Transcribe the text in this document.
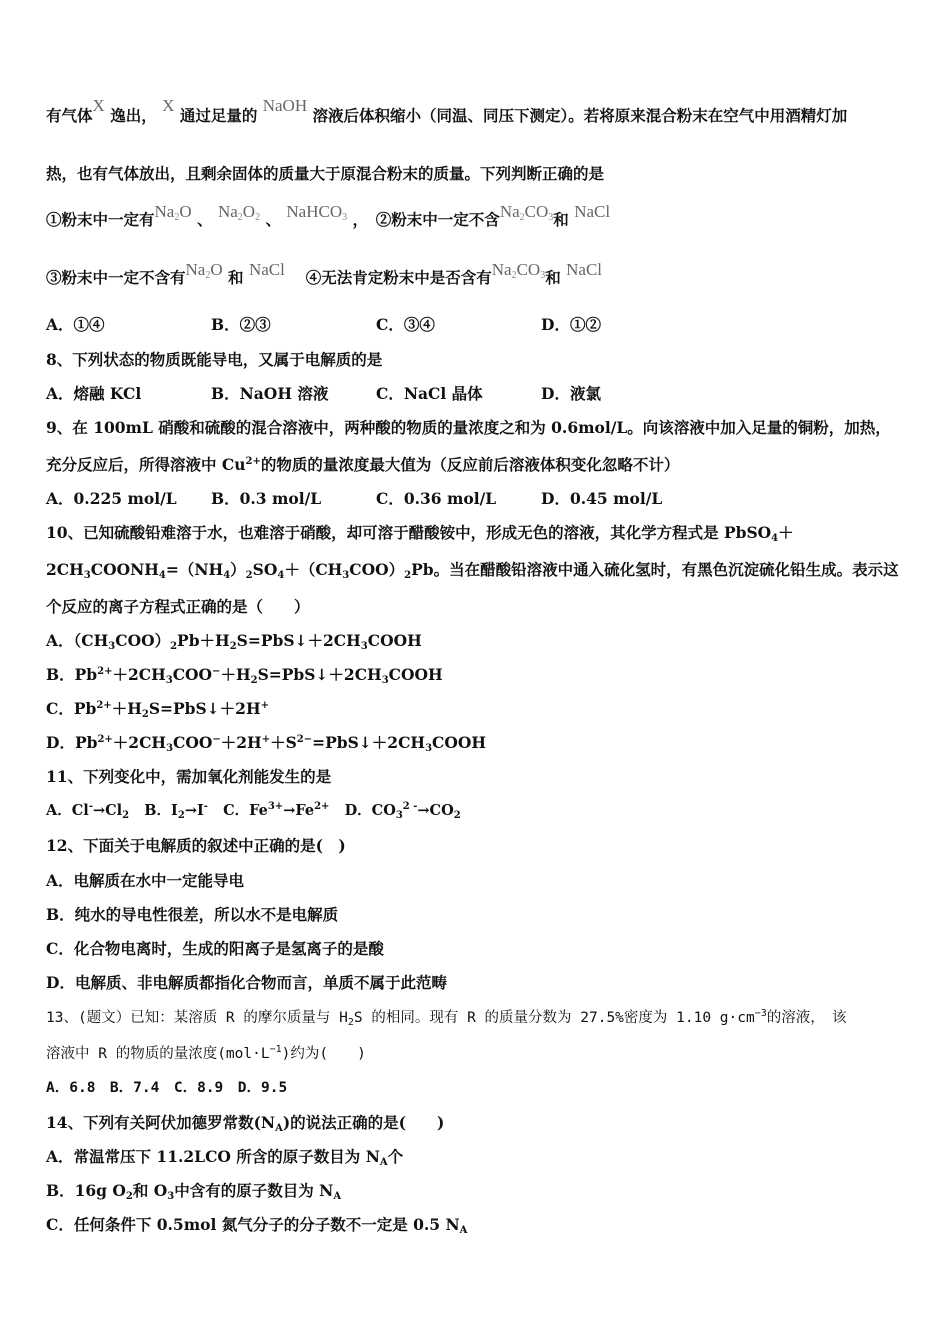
有气体X 逸出， X 通过足量的 NaOH 溶液后体积缩小（同温、同压下测定）。若将原来混合粉末在空气中用酒精灯加
热，也有气体放出，且剩余固体的质量大于原混合粉末的质量。下列判断正确的是
①粉末中一定有$Na_2O$ 、 $Na_2O_2$ 、 NaHCO$_3$ ，　 ②粉末中一定不含$Na_2CO_3$和 NaCl
③粉末中一定不含有$Na_2O$ 和 NaCl 　 ④无法肯定粉末中是否含有$Na_2CO_3$和 NaCl
A．①④	B．②③	C．③④	D．①②
8、下列状态的物质既能导电，又属于电解质的是
A．熔融 KCl	B．NaOH 溶液	C．NaCl 晶体	D．液氯
9、在 100mL 硝酸和硫酸的混合溶液中，两种酸的物质的量浓度之和为 0.6mol/L。向该溶液中加入足量的铜粉，加热，
充分反应后，所得溶液中 $Cu^{2+}$的物质的量浓度最大值为（反应前后溶液体积变化忽略不计）
A．0.225 mol/L B．0.3 mol/L	C．0.36 mol/L	D．0.45 mol/L
10、已知硫酸铅难溶于水，也难溶于硝酸，却可溶于醋酸铵中，形成无色的溶液，其化学方程式是 PbSO$_4$＋
$2CH_3COONH_4=(NH_4)_2SO_4+(CH_3COO)_2Pb$。当在醋酸铅溶液中通入硫化氢时，有黑色沉淀硫化铅生成。表示这
个反应的离子方程式正确的是（　　）
A．$(CH_3COO)_2Pb+H_2S=PbS↓+2CH_3COOH$
B．$Pb^{2+}+2CH_3COO^-+H_2S=PbS↓+2CH_3COOH$
C．$Pb^{2+}+H_2S=PbS↓+2H^+$
D．$Pb^{2+}+2CH_3COO^-+2H^++S^{2-}=PbS↓+2CH_3COOH$
11、下列变化中，需加氧化剂能发生的是
A．$Cl^-\to Cl_2$ B．$I_2\to I^-$ C．$Fe^{3+}\to Fe^{2+}$ D．$CO_3^{2 -}\to CO_2$
12、下面关于电解质的叙述中正确的是(　)
A．电解质在水中一定能导电
B．纯水的导电性很差，所以水不是电解质
C．化合物电离时，生成的阳离子是氢离子的是酸
D．电解质、非电解质都指化合物而言，单质不属于此范畴
13、(题文）已知：某溶质 R 的摩尔质量与 $H_2S$ 的相同。现有 R 的质量分数为 27.5%密度为 1.10 $g\cdot cm^{-3}$的溶液，　该
溶液中 R 的物质的量浓度$(mol\cdot L^{-1})$约为(　　)
A．6.8　B．7.4　C．8.9　D．9.5
14、下列有关阿伏加德罗常数$(N_A)$的说法正确的是(　　)
A．常温常压下 11.2LCO 所含的原子数目为 $N_A$个
B．16g $O_2$和 $O_3$中含有的原子数目为 $N_A$
C．任何条件下 0.5mol 氮气分子的分子数不一定是 0.5 $N_A$
